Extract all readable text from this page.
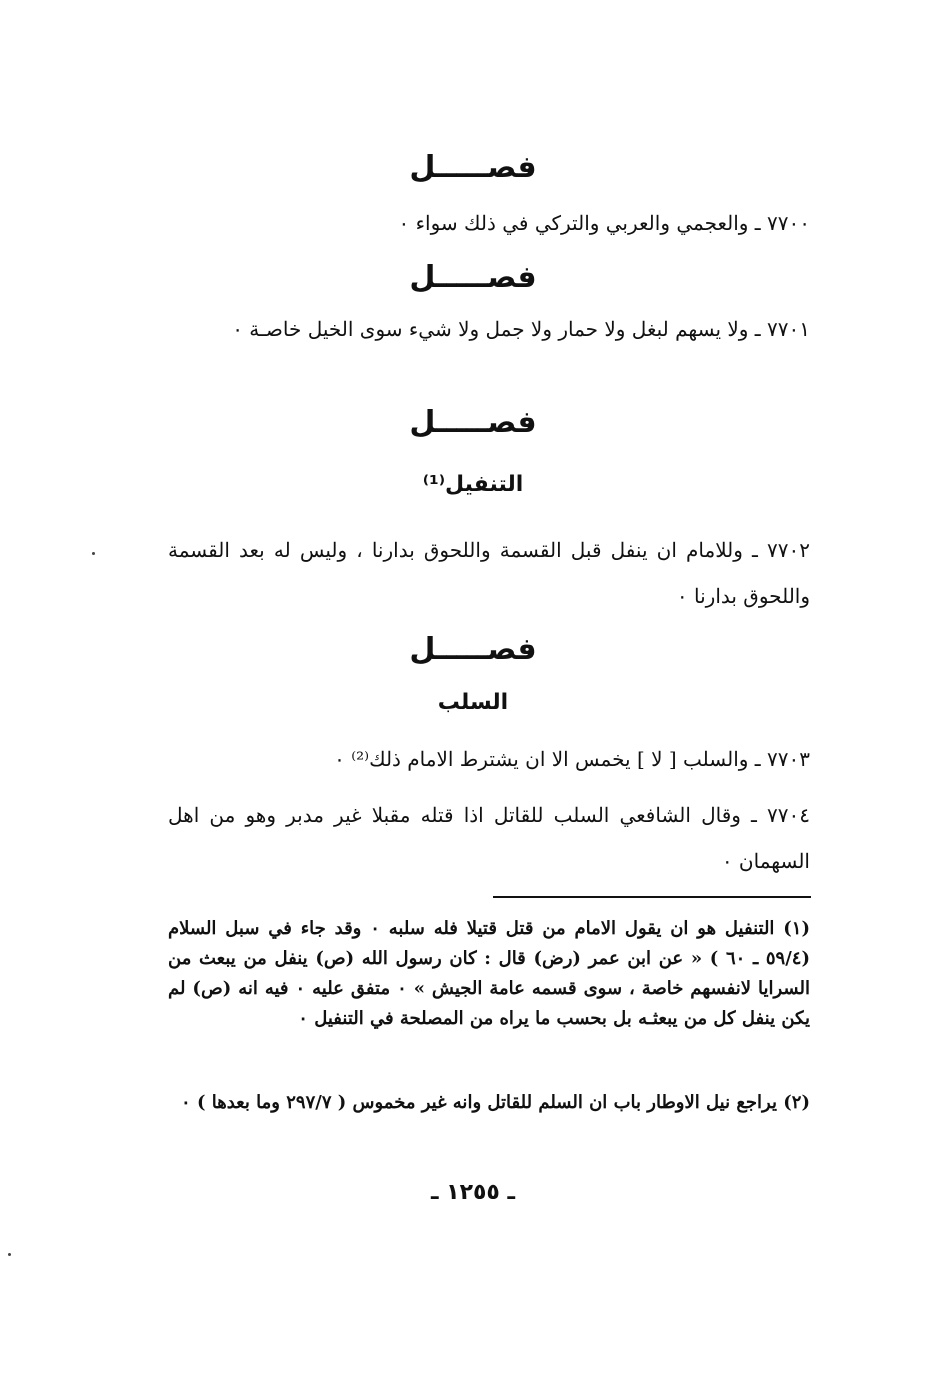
فصـــــل
٧٧٠٠ ـ والعجمي والعربي والتركي في ذلك سواء ٠
فصـــــل
٧٧٠١ ـ ولا يسهم لبغل ولا حمار ولا جمل ولا شيء سوى الخيل خاصـة ٠
فصـــــل
التنفيل⁽¹⁾
٧٧٠٢ ـ وللامام ان ينفل قبل القسمة واللحوق بدارنا ، وليس له بعد القسمة واللحوق بدارنا ٠
فصـــــل
السلب
٧٧٠٣ ـ والسلب [ لا ] يخمس الا ان يشترط الامام ذلك⁽²⁾ ٠
٧٧٠٤ ـ وقال الشافعي السلب للقاتل اذا قتله مقبلا غير مدبر وهو من اهل السهمان ٠
(١) التنفيل هو ان يقول الامام من قتل قتيلا فله سلبه ٠ وقد جاء في سبل السلام (٥٩/٤ ـ ٦٠ ) « عن ابن عمر (رض) قال : كان رسول الله (ص) ينفل من يبعث من السرايا لانفسهم خاصة ، سوى قسمه عامة الجيش » ٠ متفق عليه ٠ فيه انه (ص) لم يكن ينفل كل من يبعثـه بل بحسب ما يراه من المصلحة في التنفيل ٠
(٢) يراجع نيل الاوطار باب ان السلم للقاتل وانه غير مخموس ( ٢٩٧/٧ وما بعدها ) ٠
ـ ١٢٥٥ ـ
